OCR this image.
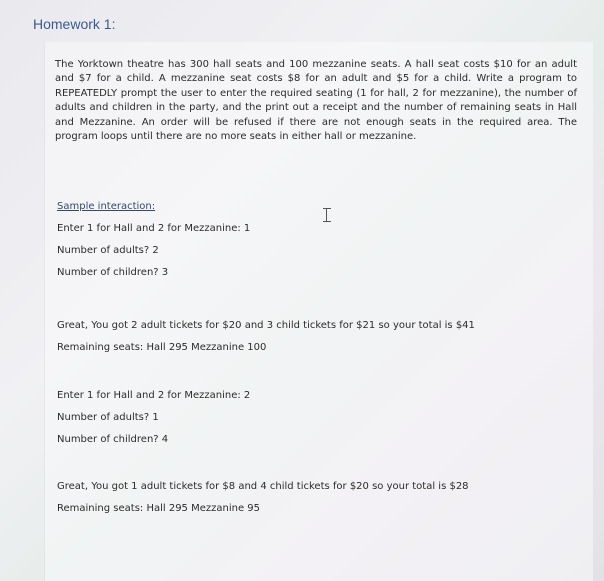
Homework 1:

The Yorktown theatre has 300 hall seats and 100 mezzanine seats. A hall seat costs $10 for an adult and $7 for a child. A mezzanine seat costs $8 for an adult and $5 for a child. Write a program to REPEATEDLY prompt the user to enter the required seating (1 for hall, 2 for mezzanine), the number of adults and children in the party, and the print out a receipt and the number of remaining seats in Hall and Mezzanine. An order will be refused if there are not enough seats in the required area. The program loops until there are no more seats in either hall or mezzanine.

Sample interaction:
Enter 1 for Hall and 2 for Mezzanine: 1
Number of adults? 2
Number of children? 3
Great, You got 2 adult tickets for $20 and 3 child tickets for $21 so your total is $41
Remaining seats: Hall 295 Mezzanine 100
Enter 1 for Hall and 2 for Mezzanine: 2
Number of adults? 1
Number of children? 4
Great, You got 1 adult tickets for $8 and 4 child tickets for $20 so your total is $28
Remaining seats: Hall 295 Mezzanine 95
